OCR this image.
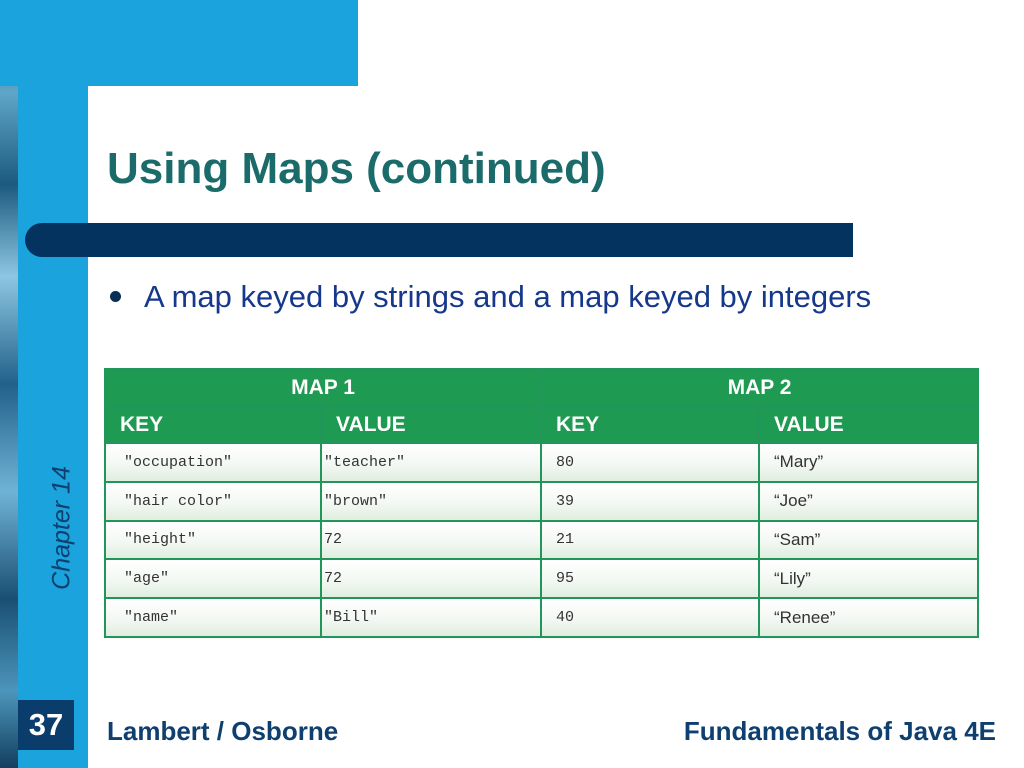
Chapter 14
Using Maps (continued)
A map keyed by strings and a map keyed by integers
MAP 1		MAP 2	
KEY	VALUE	KEY	VALUE
"occupation"	"teacher"	80	“Mary”
"hair color"	"brown"	39	“Joe”
"height"	72	21	“Sam”
"age"	72	95	“Lily”
"name"	"Bill"	40	“Renee”
37	Lambert / Osborne	Fundamentals of Java 4E
